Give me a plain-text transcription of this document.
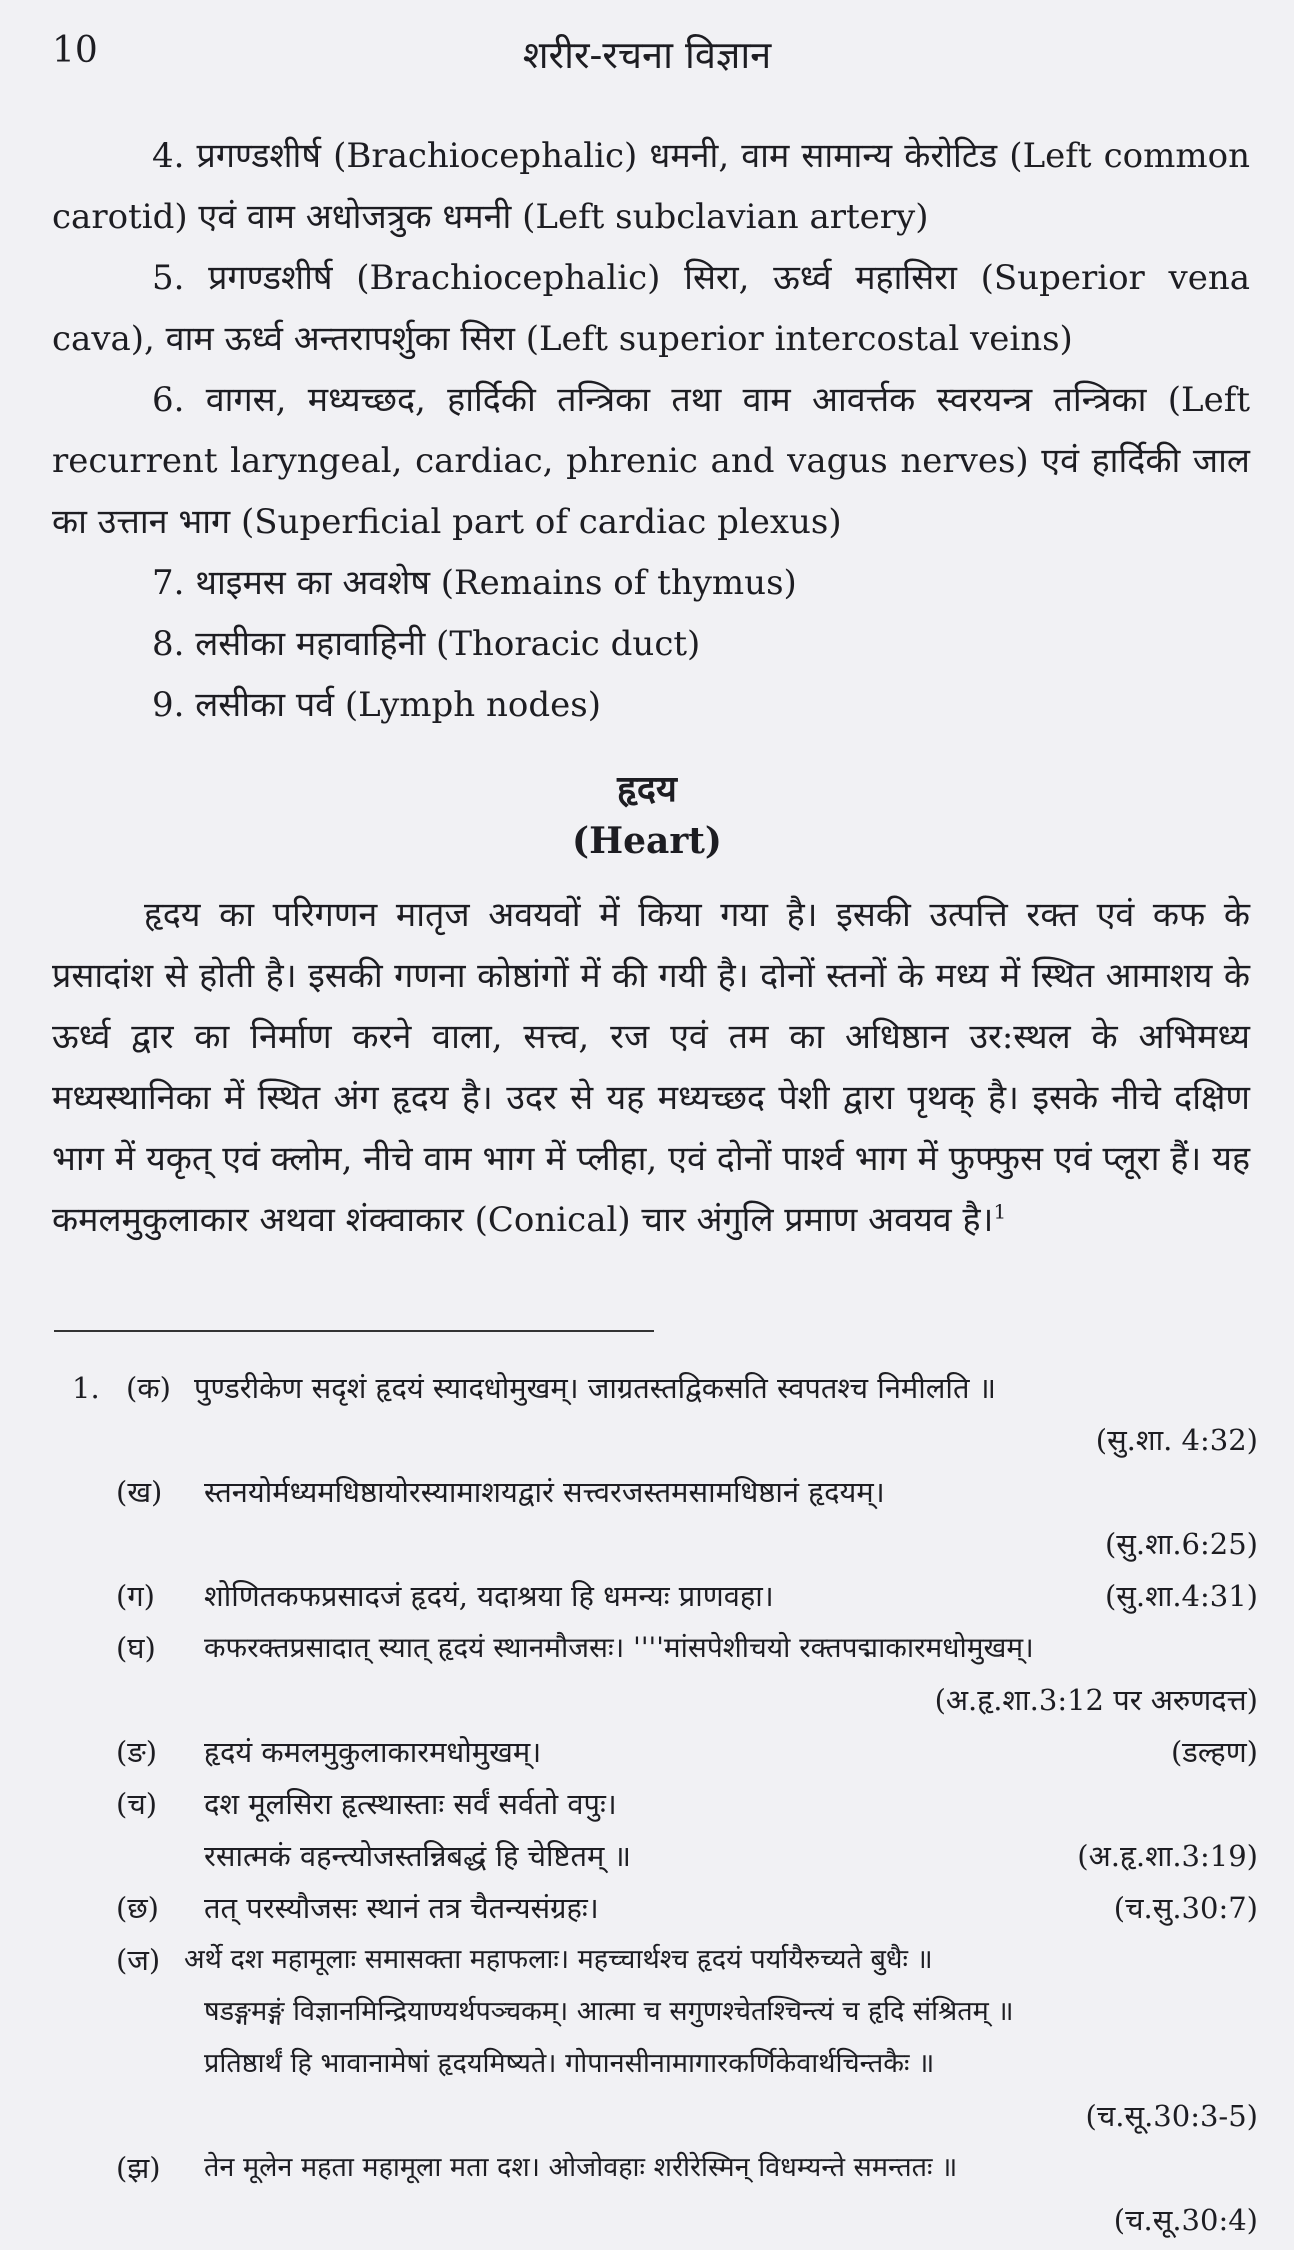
10	शरीर-रचना विज्ञान

4. प्रगण्डशीर्ष (Brachiocephalic) धमनी, वाम सामान्य केरोटिड (Left common carotid) एवं वाम अधोजत्रुक धमनी (Left subclavian artery)

5. प्रगण्डशीर्ष (Brachiocephalic) सिरा, ऊर्ध्व महासिरा (Superior vena cava), वाम ऊर्ध्व अन्तरापर्शुका सिरा (Left superior intercostal veins)

6. वागस, मध्यच्छद, हार्दिकी तन्त्रिका तथा वाम आवर्त्तक स्वरयन्त्र तन्त्रिका (Left recurrent laryngeal, cardiac, phrenic and vagus nerves) एवं हार्दिकी जाल का उत्तान भाग (Superficial part of cardiac plexus)

7. थाइमस का अवशेष (Remains of thymus)

8. लसीका महावाहिनी (Thoracic duct)

9. लसीका पर्व (Lymph nodes)

हृदय
(Heart)

हृदय का परिगणन मातृज अवयवों में किया गया है। इसकी उत्पत्ति रक्त एवं कफ के प्रसादांश से होती है। इसकी गणना कोष्ठांगों में की गयी है। दोनों स्तनों के मध्य में स्थित आमाशय के ऊर्ध्व द्वार का निर्माण करने वाला, सत्त्व, रज एवं तम का अधिष्ठान उर:स्थल के अभिमध्य मध्यस्थानिका में स्थित अंग हृदय है। उदर से यह मध्यच्छद पेशी द्वारा पृथक् है। इसके नीचे दक्षिण भाग में यकृत् एवं क्लोम, नीचे वाम भाग में प्लीहा, एवं दोनों पार्श्व भाग में फुफ्फुस एवं प्लूरा हैं। यह कमलमुकुलाकार अथवा शंक्वाकार (Conical) चार अंगुलि प्रमाण अवयव है।$^1$

1. (क) पुण्डरीकेण सदृशं हृदयं स्यादधोमुखम्। जाग्रतस्तद्विकसति स्वपतश्च निमीलति ॥
(सु.शा. 4:32)
(ख) स्तनयोर्मध्यमधिष्ठायोरस्यामाशयद्वारं सत्त्वरजस्तमसामधिष्ठानं हृदयम्।
(सु.शा.6:25)
(ग) शोणितकफप्रसादजं हृदयं, यदाश्रया हि धमन्यः प्राणवहा।	(सु.शा.4:31)
(घ) कफरक्तप्रसादात् स्यात् हृदयं स्थानमौजसः। ''''मांसपेशीचयो रक्तपद्माकारमधोमुखम्।
(अ.हृ.शा.3:12 पर अरुणदत्त)
(ङ) हृदयं कमलमुकुलाकारमधोमुखम्।	(डल्हण)
(च) दश मूलसिरा हृत्स्थास्ताः सर्वं सर्वतो वपुः।
रसात्मकं वहन्त्योजस्तन्निबद्धं हि चेष्टितम् ॥	(अ.हृ.शा.3:19)
(छ) तत् परस्यौजसः स्थानं तत्र चैतन्यसंग्रहः।	(च.सु.30:7)
(ज) अर्थे दश महामूलाः समासक्ता महाफलाः। महच्चार्थश्च हृदयं पर्यायैरुच्यते बुधैः ॥
षडङ्गमङ्गं विज्ञानमिन्द्रियाण्यर्थपञ्चकम्। आत्मा च सगुणश्चेतश्चिन्त्यं च हृदि संश्रितम् ॥
प्रतिष्ठार्थं हि भावानामेषां हृदयमिष्यते। गोपानसीनामागारकर्णिकेवार्थचिन्तकैः ॥
(च.सू.30:3-5)
(झ) तेन मूलेन महता महामूला मता दश। ओजोवहाः शरीरेस्मिन् विधम्यन्ते समन्ततः ॥
(च.सू.30:4)
